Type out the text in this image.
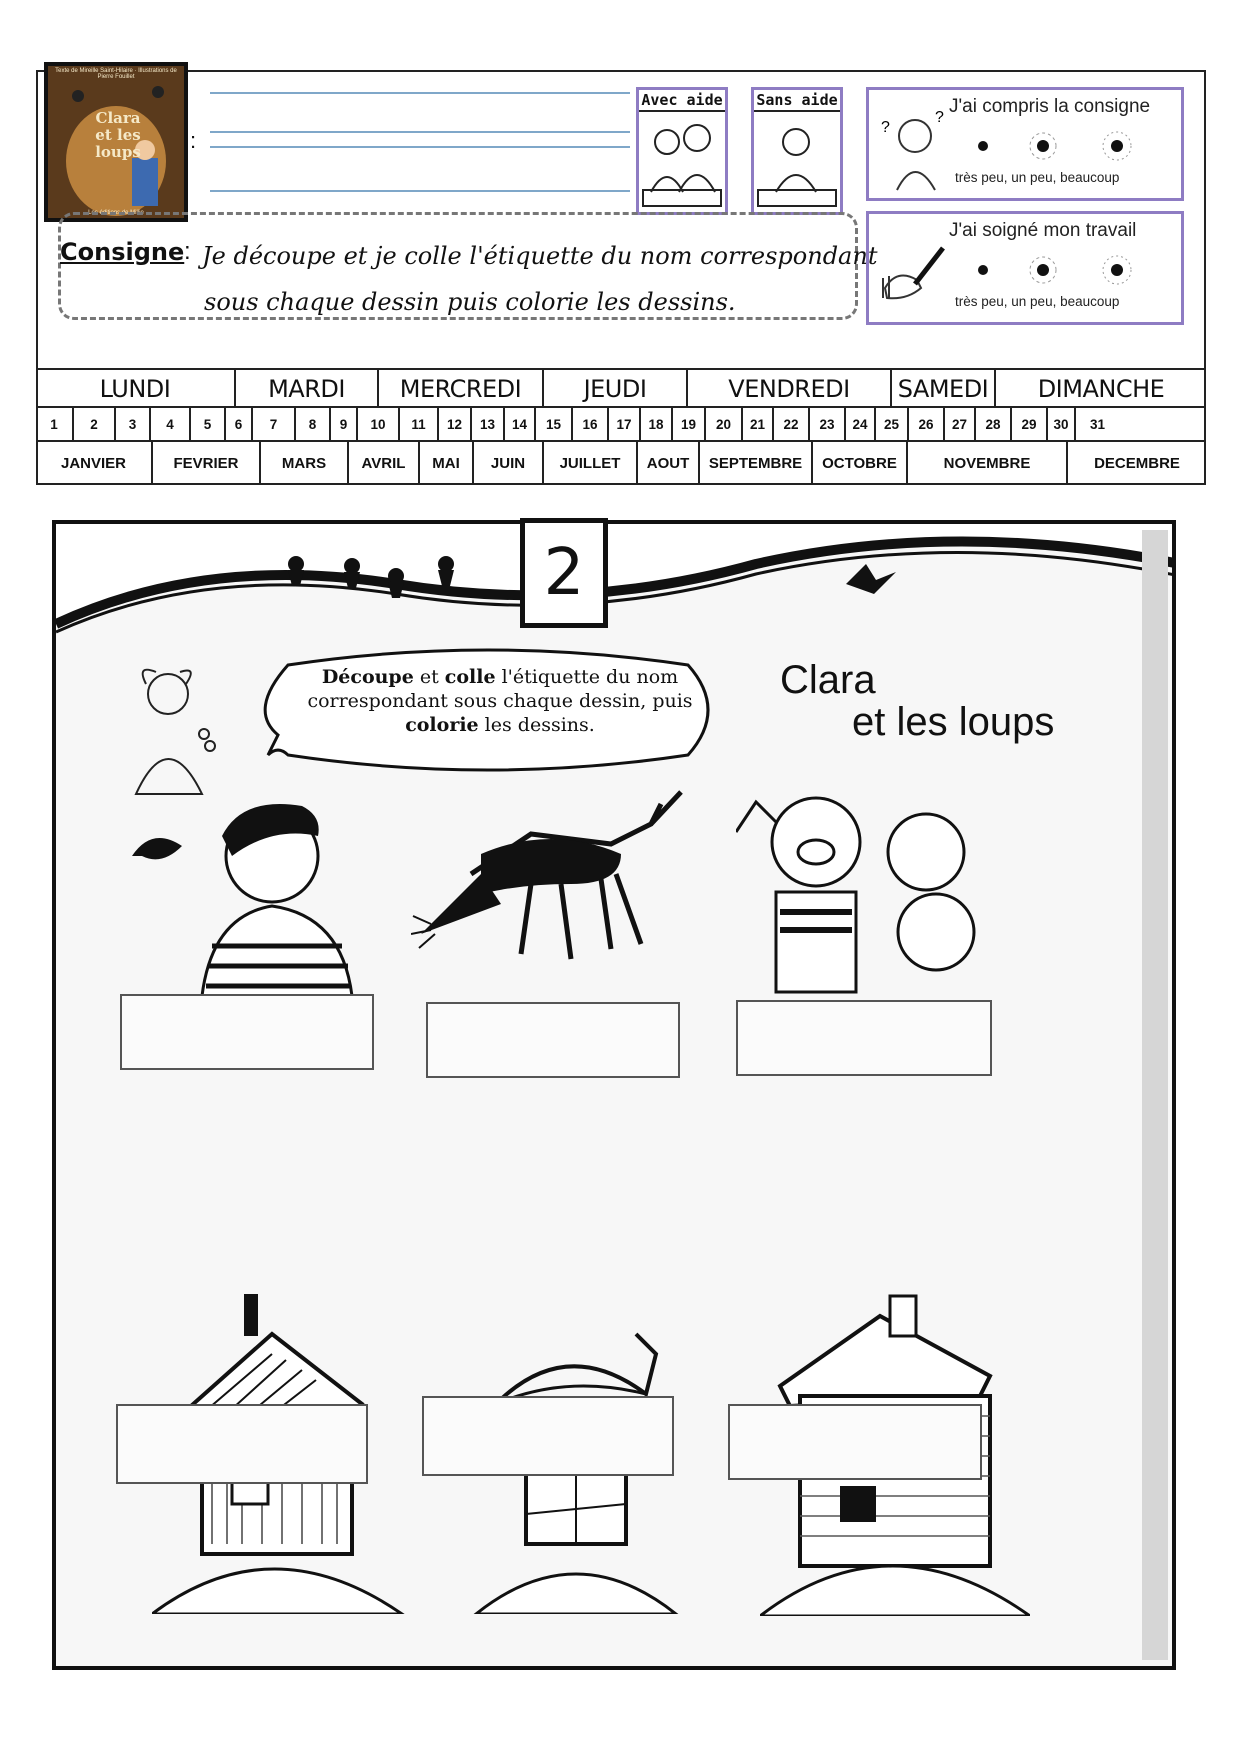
Texte de Mireille Saint-Hilaire · Illustrations de Pierre Fouillet
Clara
et les
loups
Les éditions de Millie
:
Avec aide Sans aide
?
?
J'ai compris la consigne
très peu, un peu, beaucoup
J'ai soigné mon travail
très peu, un peu, beaucoup
Consigne : Je découpe et je colle l'étiquette du nom correspondant
sous chaque dessin puis colorie les dessins.
LUNDI	MARDI	MERCREDI	JEUDI	VENDREDI	SAMEDI	DIMANCHE
1	2	3	4	5	6	7	8	9	10	11	12	13	14	15	16	17	18	19	20	21	22	23	24	25	26	27	28	29	30	31
JANVIER	FEVRIER	MARS	AVRIL	MAI	JUIN	JUILLET	AOUT	SEPTEMBRE	OCTOBRE	NOVEMBRE	DECEMBRE
2
Découpe et colle l'étiquette du nom correspondant sous chaque dessin, puis colorie les dessins.
Clara
et les loups
